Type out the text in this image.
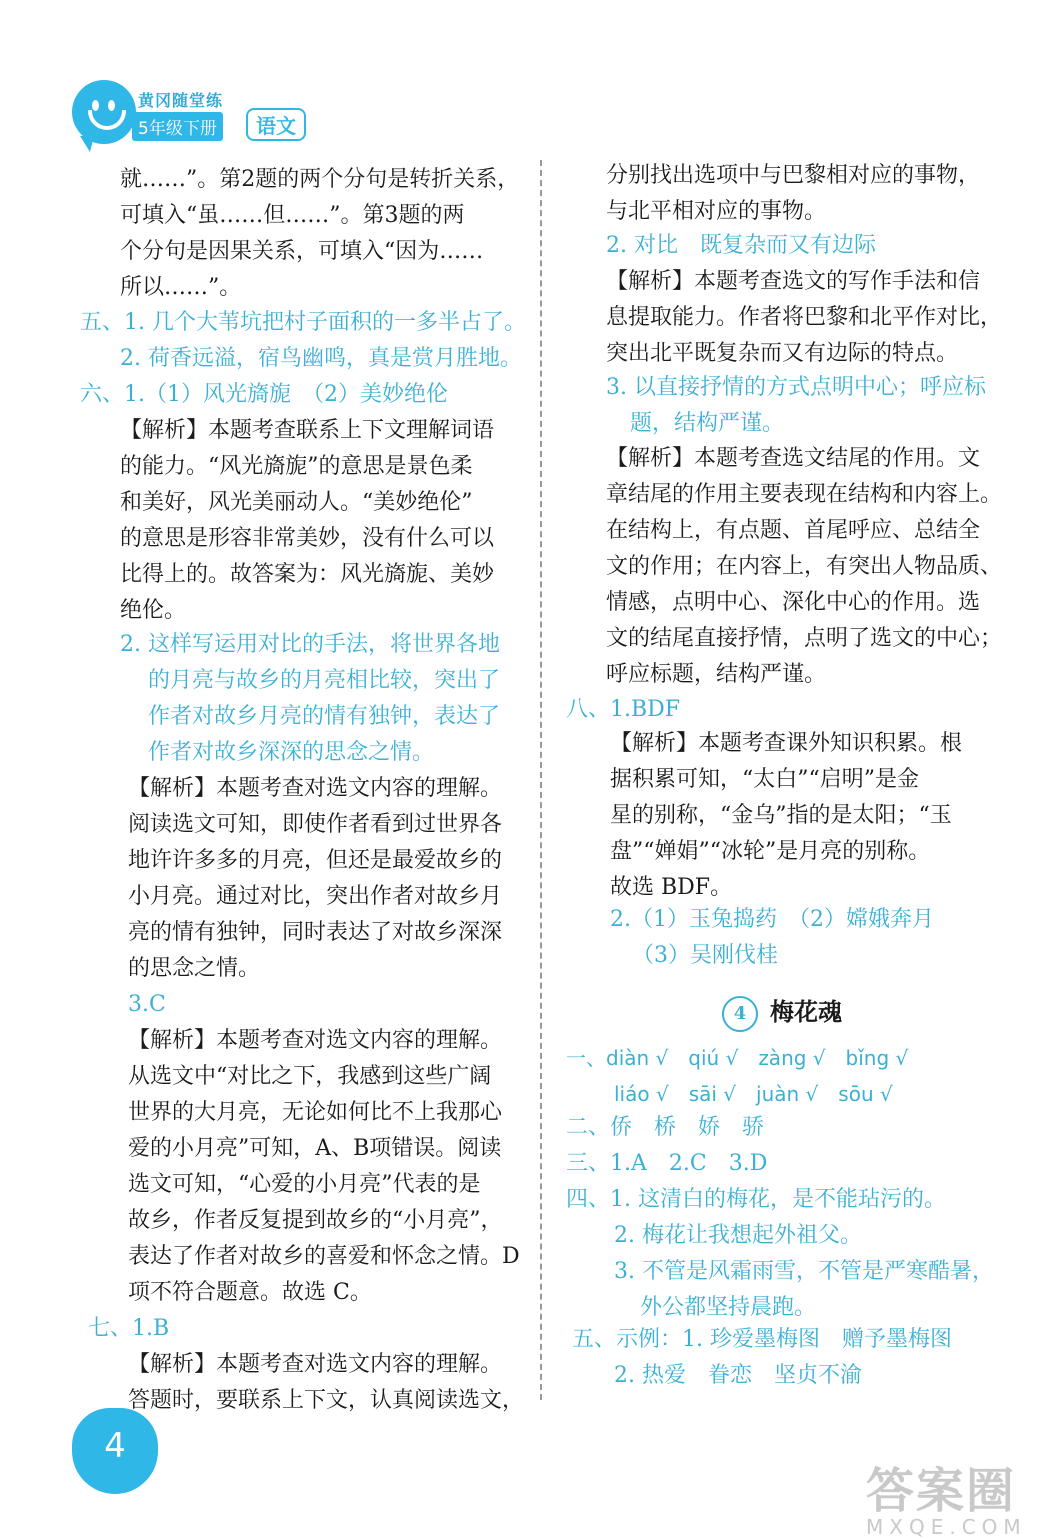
黄冈随堂练
5年级下册	语文
就……”。第2题的两个分句是转折关系，
可填入“虽……但……”。第3题的两
个分句是因果关系，可填入“因为……
所以……”。
五、1. 几个大苇坑把村子面积的一多半占了。
2. 荷香远溢，宿鸟幽鸣，真是赏月胜地。
六、1.（1）风光旖旎　（2）美妙绝伦
【解析】本题考查联系上下文理解词语
的能力。“风光旖旎”的意思是景色柔
和美好，风光美丽动人。“美妙绝伦”
的意思是形容非常美妙，没有什么可以
比得上的。故答案为：风光旖旎、美妙
绝伦。
2. 这样写运用对比的手法，将世界各地
的月亮与故乡的月亮相比较，突出了
作者对故乡月亮的情有独钟，表达了
作者对故乡深深的思念之情。
【解析】本题考查对选文内容的理解。
阅读选文可知，即使作者看到过世界各
地许许多多的月亮，但还是最爱故乡的
小月亮。通过对比，突出作者对故乡月
亮的情有独钟，同时表达了对故乡深深
的思念之情。
3.C
【解析】本题考查对选文内容的理解。
从选文中“对比之下，我感到这些广阔
世界的大月亮，无论如何比不上我那心
爱的小月亮”可知，A、B项错误。阅读
选文可知，“心爱的小月亮”代表的是
故乡，作者反复提到故乡的“小月亮”，
表达了作者对故乡的喜爱和怀念之情。D
项不符合题意。故选 C。
七、1.B
【解析】本题考查对选文内容的理解。
答题时，要联系上下文，认真阅读选文，
分别找出选项中与巴黎相对应的事物，
与北平相对应的事物。
2. 对比　既复杂而又有边际
【解析】本题考查选文的写作手法和信
息提取能力。作者将巴黎和北平作对比，
突出北平既复杂而又有边际的特点。
3. 以直接抒情的方式点明中心；呼应标
题，结构严谨。
【解析】本题考查选文结尾的作用。文
章结尾的作用主要表现在结构和内容上。
在结构上，有点题、首尾呼应、总结全
文的作用；在内容上，有突出人物品质、
情感，点明中心、深化中心的作用。选
文的结尾直接抒情，点明了选文的中心；
呼应标题，结构严谨。
八、1.BDF
【解析】本题考查课外知识积累。根
据积累可知，“太白”“启明”是金
星的别称，“金乌”指的是太阳；“玉
盘”“婵娟”“冰轮”是月亮的别称。
故选 BDF。
2.（1）玉兔捣药　（2）嫦娥奔月
（3）吴刚伐桂
4 梅花魂
一、diàn √　qiú √　zàng √　bǐng √
liáo √　sāi √　juàn √　sōu √
二、侨　桥　娇　骄
三、1.A　2.C　3.D
四、1. 这清白的梅花，是不能玷污的。
2. 梅花让我想起外祖父。
3. 不管是风霜雨雪，不管是严寒酷暑，
外公都坚持晨跑。
五、示例：1. 珍爱墨梅图　赠予墨梅图
2. 热爱　眷恋　坚贞不渝
4
答案圈
MXQE.COM
